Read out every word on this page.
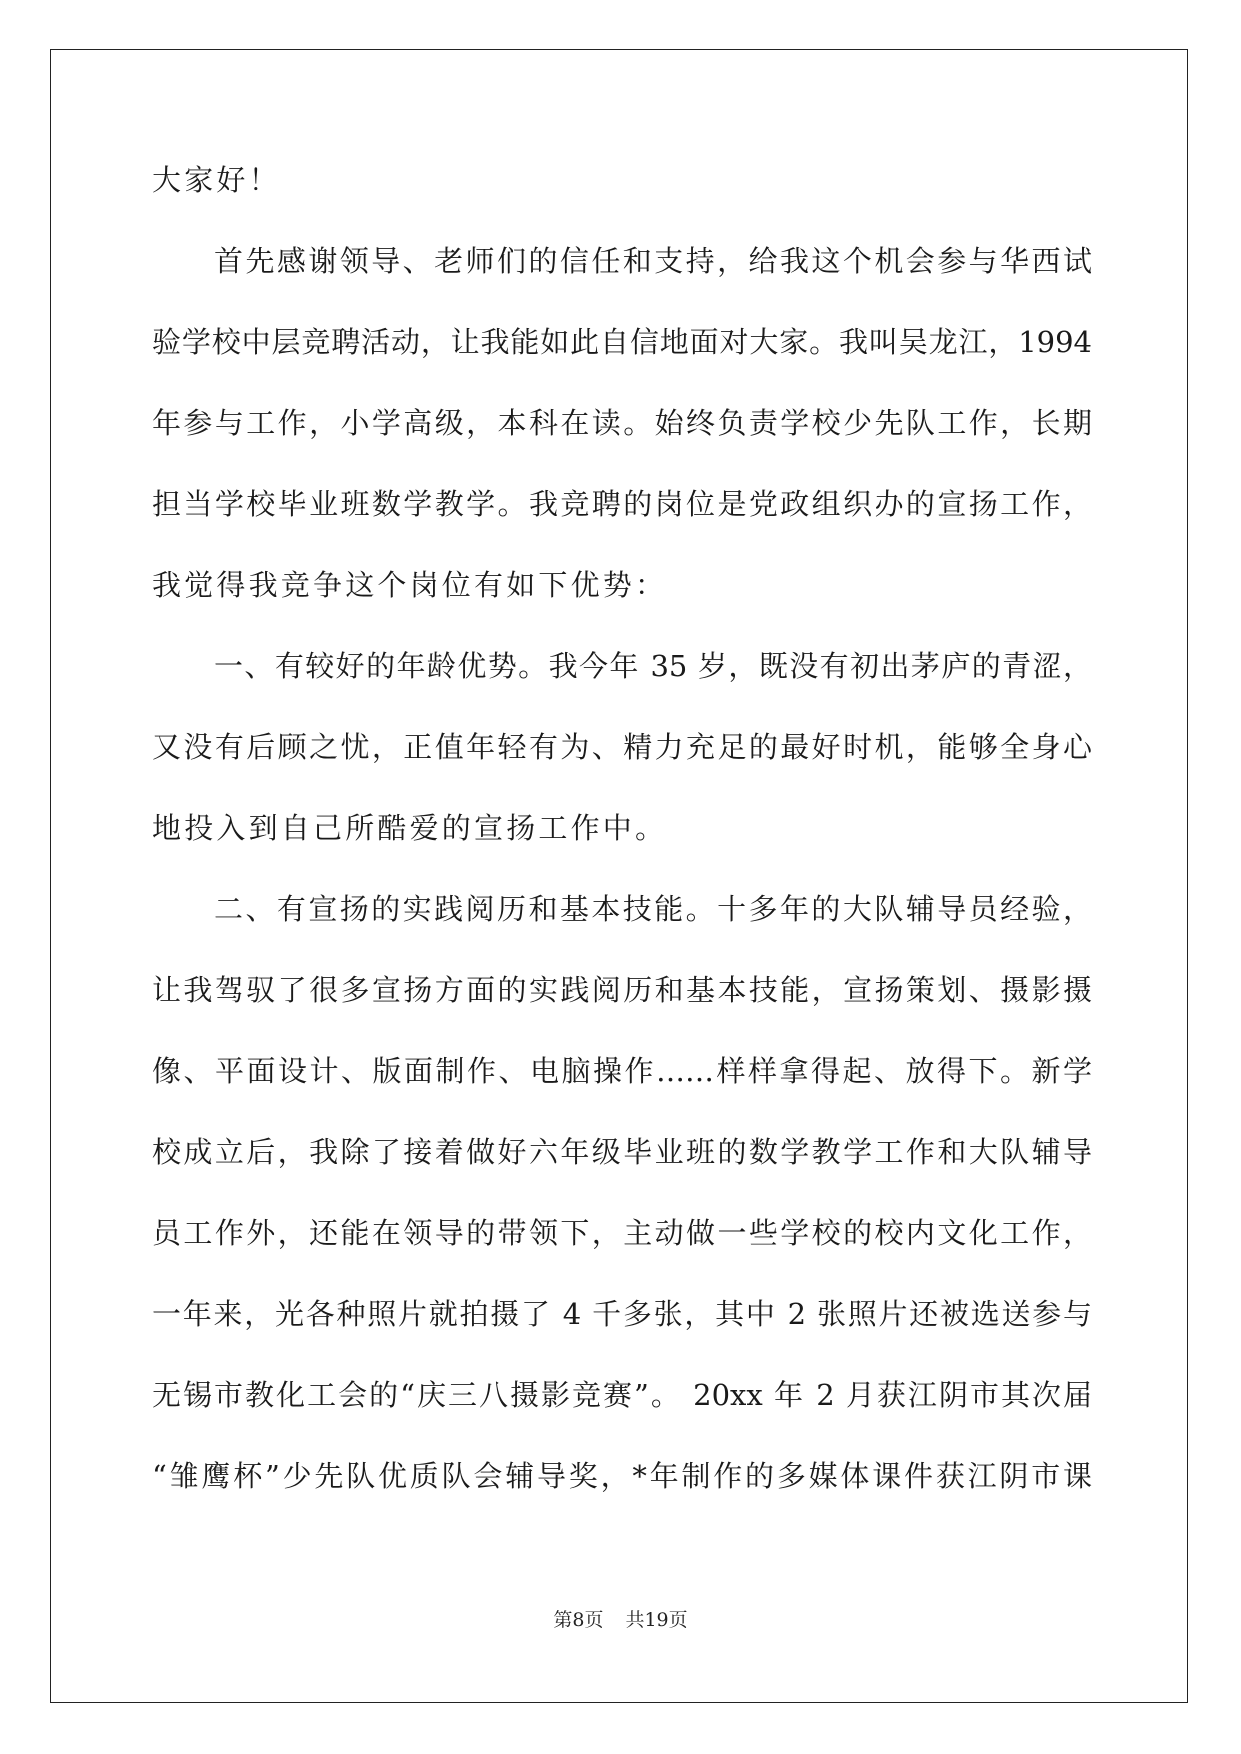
大家好！
首先感谢领导、老师们的信任和支持，给我这个机会参与华西试
验学校中层竞聘活动，让我能如此自信地面对大家。我叫吴龙江，1994
年参与工作，小学高级，本科在读。始终负责学校少先队工作，长期
担当学校毕业班数学教学。我竞聘的岗位是党政组织办的宣扬工作，
我觉得我竞争这个岗位有如下优势：
一、有较好的年龄优势。我今年 35 岁，既没有初出茅庐的青涩，
又没有后顾之忧，正值年轻有为、精力充足的最好时机，能够全身心
地投入到自己所酷爱的宣扬工作中。
二、有宣扬的实践阅历和基本技能。十多年的大队辅导员经验，
让我驾驭了很多宣扬方面的实践阅历和基本技能，宣扬策划、摄影摄
像、平面设计、版面制作、电脑操作……样样拿得起、放得下。新学
校成立后，我除了接着做好六年级毕业班的数学教学工作和大队辅导
员工作外，还能在领导的带领下，主动做一些学校的校内文化工作，
一年来，光各种照片就拍摄了 4 千多张，其中 2 张照片还被选送参与
无锡市教化工会的“庆三八摄影竞赛”。 20xx 年 2 月获江阴市其次届
“雏鹰杯”少先队优质队会辅导奖，*年制作的多媒体课件获江阴市课
第8页 共19页
